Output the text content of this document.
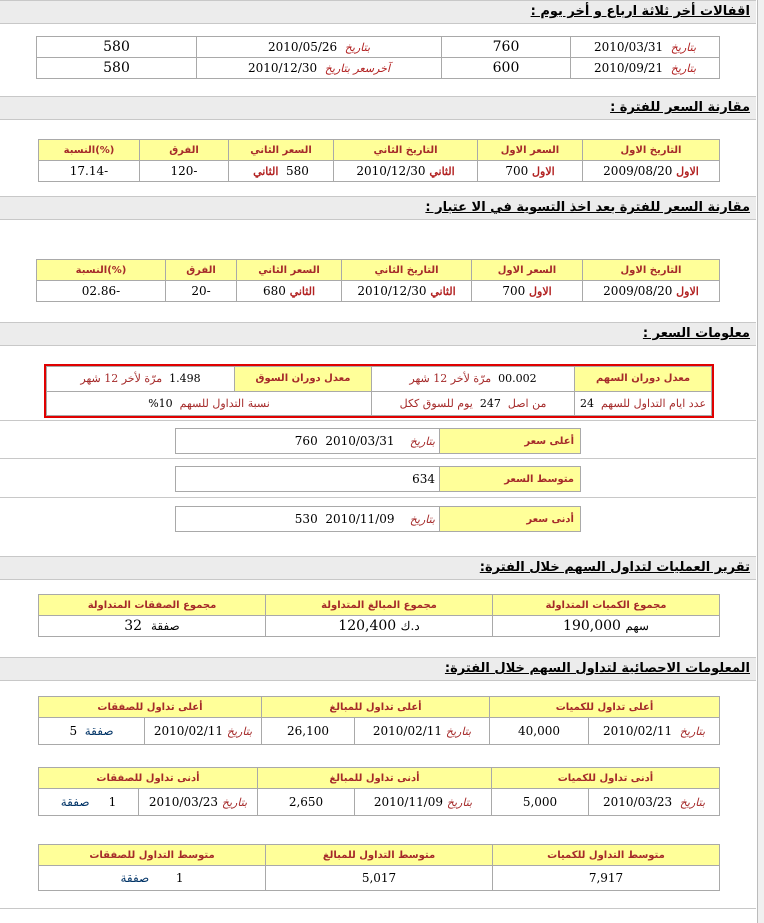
اقفالات أخر ثلاثة ارباع و أخر يوم :
بتاريخ  2010/03/31	760	بتاريخ  2010/05/26	580
بتاريخ  2010/09/21	600	آخرسعر بتاريخ  2010/12/30	580
مقارنة السعر للفترة :
التاريخ الاول	السعر الاول	التاريخ الثاني	السعر الثاني	الفرق	(%)النسبة
الاول 2009/08/20	الاول 700	الثاني 2010/12/30	580  الثاني	-120	-17.14
مقارنة السعر للفترة بعد اخذ التسوية في الا عتبار :
التاريخ الاول	السعر الاول	التاريخ الثاني	السعر الثاني	الفرق	(%)النسبة
الاول 2009/08/20	الاول 700	الثاني 2010/12/30	الثاني 680	-20	-02.86
معلومات السعر :
معدل دوران السهم	00.002  مرّة لأخر 12 شهر	معدل دوران السوق	1.498  مرّة لأخر 12 شهر
عدد ايام التداول للسهم  24	من اصل  247  يوم للسوق ككل	نسبة التداول للسهم  10%	
أعلى سعر	بتاريخ    2010/03/31  760
متوسط السعر	634
أدنى سعر	بتاريخ    2010/11/09  530
تقرير العمليات لتداول السهم خلال الفترة:
مجموع الكميات المتداولة	مجموع المبالغ المتداولة	مجموع الصفقات المتداولة
سهم 190,000	د.ك 120,400	صفقة  32
المعلومات الاحصائية لتداول السهم خلال الفترة:
أعلى تداول للكميات		أعلى تداول للمبالغ		أعلى تداول للصفقات	
بتاريخ  2010/02/11	40,000	بتاريخ 2010/02/11	26,100	بتاريخ 2010/02/11	صفقة  5
أدنى تداول للكميات		أدنى تداول للمبالغ		أدنى تداول للصفقات	
بتاريخ  2010/03/23	5,000	بتاريخ 2010/11/09	2,650	بتاريخ 2010/03/23	1     صفقة
متوسط التداول للكميات	متوسط التداول للمبالغ	متوسط التداول للصفقات
7,917	5,017	1       صفقة
